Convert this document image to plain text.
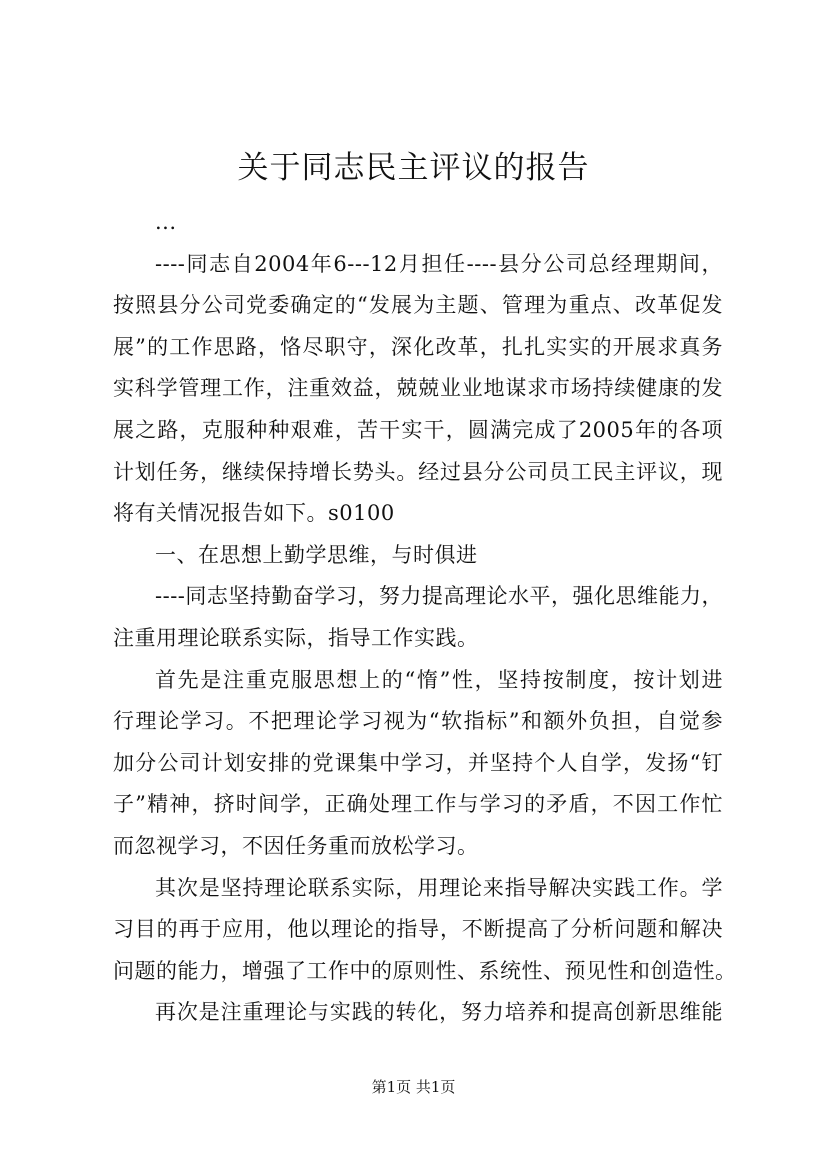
关于同志民主评议的报告
...
----同志自2004年6---12月担任----县分公司总经理期间，
按照县分公司党委确定的“发展为主题、管理为重点、改革促发
展”的工作思路，恪尽职守，深化改革，扎扎实实的开展求真务
实科学管理工作，注重效益，兢兢业业地谋求市场持续健康的发
展之路，克服种种艰难，苦干实干，圆满完成了2005年的各项
计划任务，继续保持增长势头。经过县分公司员工民主评议，现
将有关情况报告如下。s0100
一、在思想上勤学思维，与时俱进
----同志坚持勤奋学习，努力提高理论水平，强化思维能力，
注重用理论联系实际，指导工作实践。
首先是注重克服思想上的“惰”性，坚持按制度，按计划进
行理论学习。不把理论学习视为“软指标”和额外负担，自觉参
加分公司计划安排的党课集中学习，并坚持个人自学，发扬“钉
子”精神，挤时间学，正确处理工作与学习的矛盾，不因工作忙
而忽视学习，不因任务重而放松学习。
其次是坚持理论联系实际，用理论来指导解决实践工作。学
习目的再于应用，他以理论的指导，不断提高了分析问题和解决
问题的能力，增强了工作中的原则性、系统性、预见性和创造性。
再次是注重理论与实践的转化，努力培养和提高创新思维能
第1页 共1页
